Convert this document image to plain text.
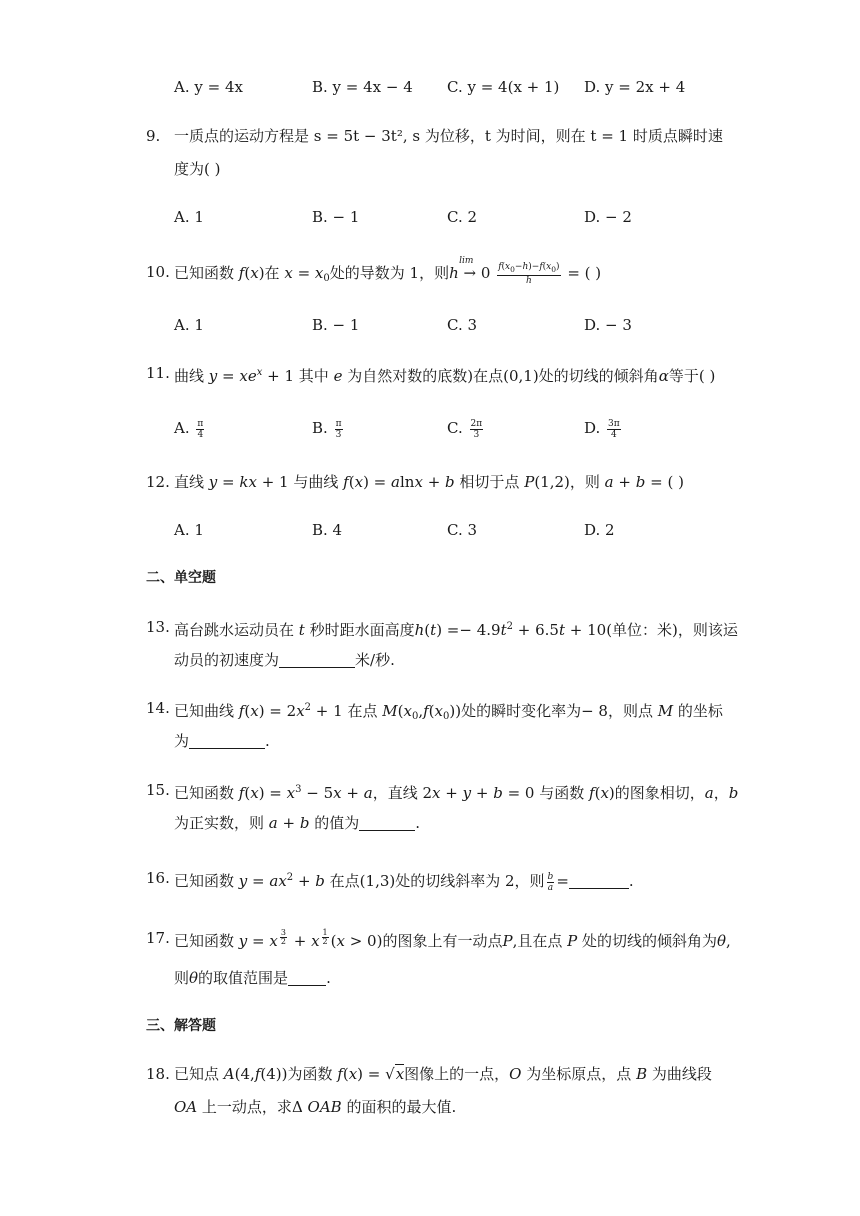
A. y = 4x	B. y = 4x − 4 C. y = 4(x + 1) D. y = 2x + 4
9. 一质点的运动方程是 s = 5t − 3t², s 为位移，t 为时间，则在 t = 1 时质点瞬时速
度为( )
A. 1	B. − 1	C. 2	D. − 2
10. 已知函数 f(x)在 $x = x_0$处的导数为 1，则
lim
$h \to 0 \frac{f(x_0-h)-f(x_0)}{h}$ = ( )
A. 1	B. − 1	C. 3	D. − 3
11. 曲线 $y = xe^x + 1$ 其中 e 为自然对数的底数)在点(0,1)处的切线的倾斜角α等于( )
A. $\frac{\pi}{4}$	B. $\frac{\pi}{3}$	C. $\frac{2\pi}{3}$	D. $\frac{3\pi}{4}$
12. 直线 y = kx + 1 与曲线 f(x) = alnx + b 相切于点 P(1,2)，则 a + b = ( )
A. 1	B. 4	C. 3	D. 2
二、单空题
13. 高台跳水运动员在 t 秒时距水面高度$h(t) =- 4.9t^2 + 6.5t + 10$(单位：米)，则该运
动员的初速度为	米/秒.
14. 已知曲线 $f(x) = 2x^2 + 1$ 在点 $M(x_0,f(x_0))$处的瞬时变化率为− 8，则点 M 的坐标
为	.
15. 已知函数 $f(x) = x^3 - 5x + a$，直线 2x + y + b = 0 与函数 f(x)的图象相切，a，b
为正实数，则 a + b 的值为	.
16. 已知函数 $y = ax^2 + b$ 在点(1,3)处的切线斜率为 2，则 $\frac{b}{a}$ =	.
17. 已知函数 y = x $^{\frac{3}{2}}$ + x $^{\frac{1}{2}}$ (x > 0)的图象上有一动点P,且在点 P 处的切线的倾斜角为θ,
则θ的取值范围是	.
三、解答题
18. 已知点 A(4,f(4))为函数 f(x) = √x图像上的一点，O 为坐标原点，点 B 为曲线段
OA 上一动点，求Δ OAB 的面积的最大值.
